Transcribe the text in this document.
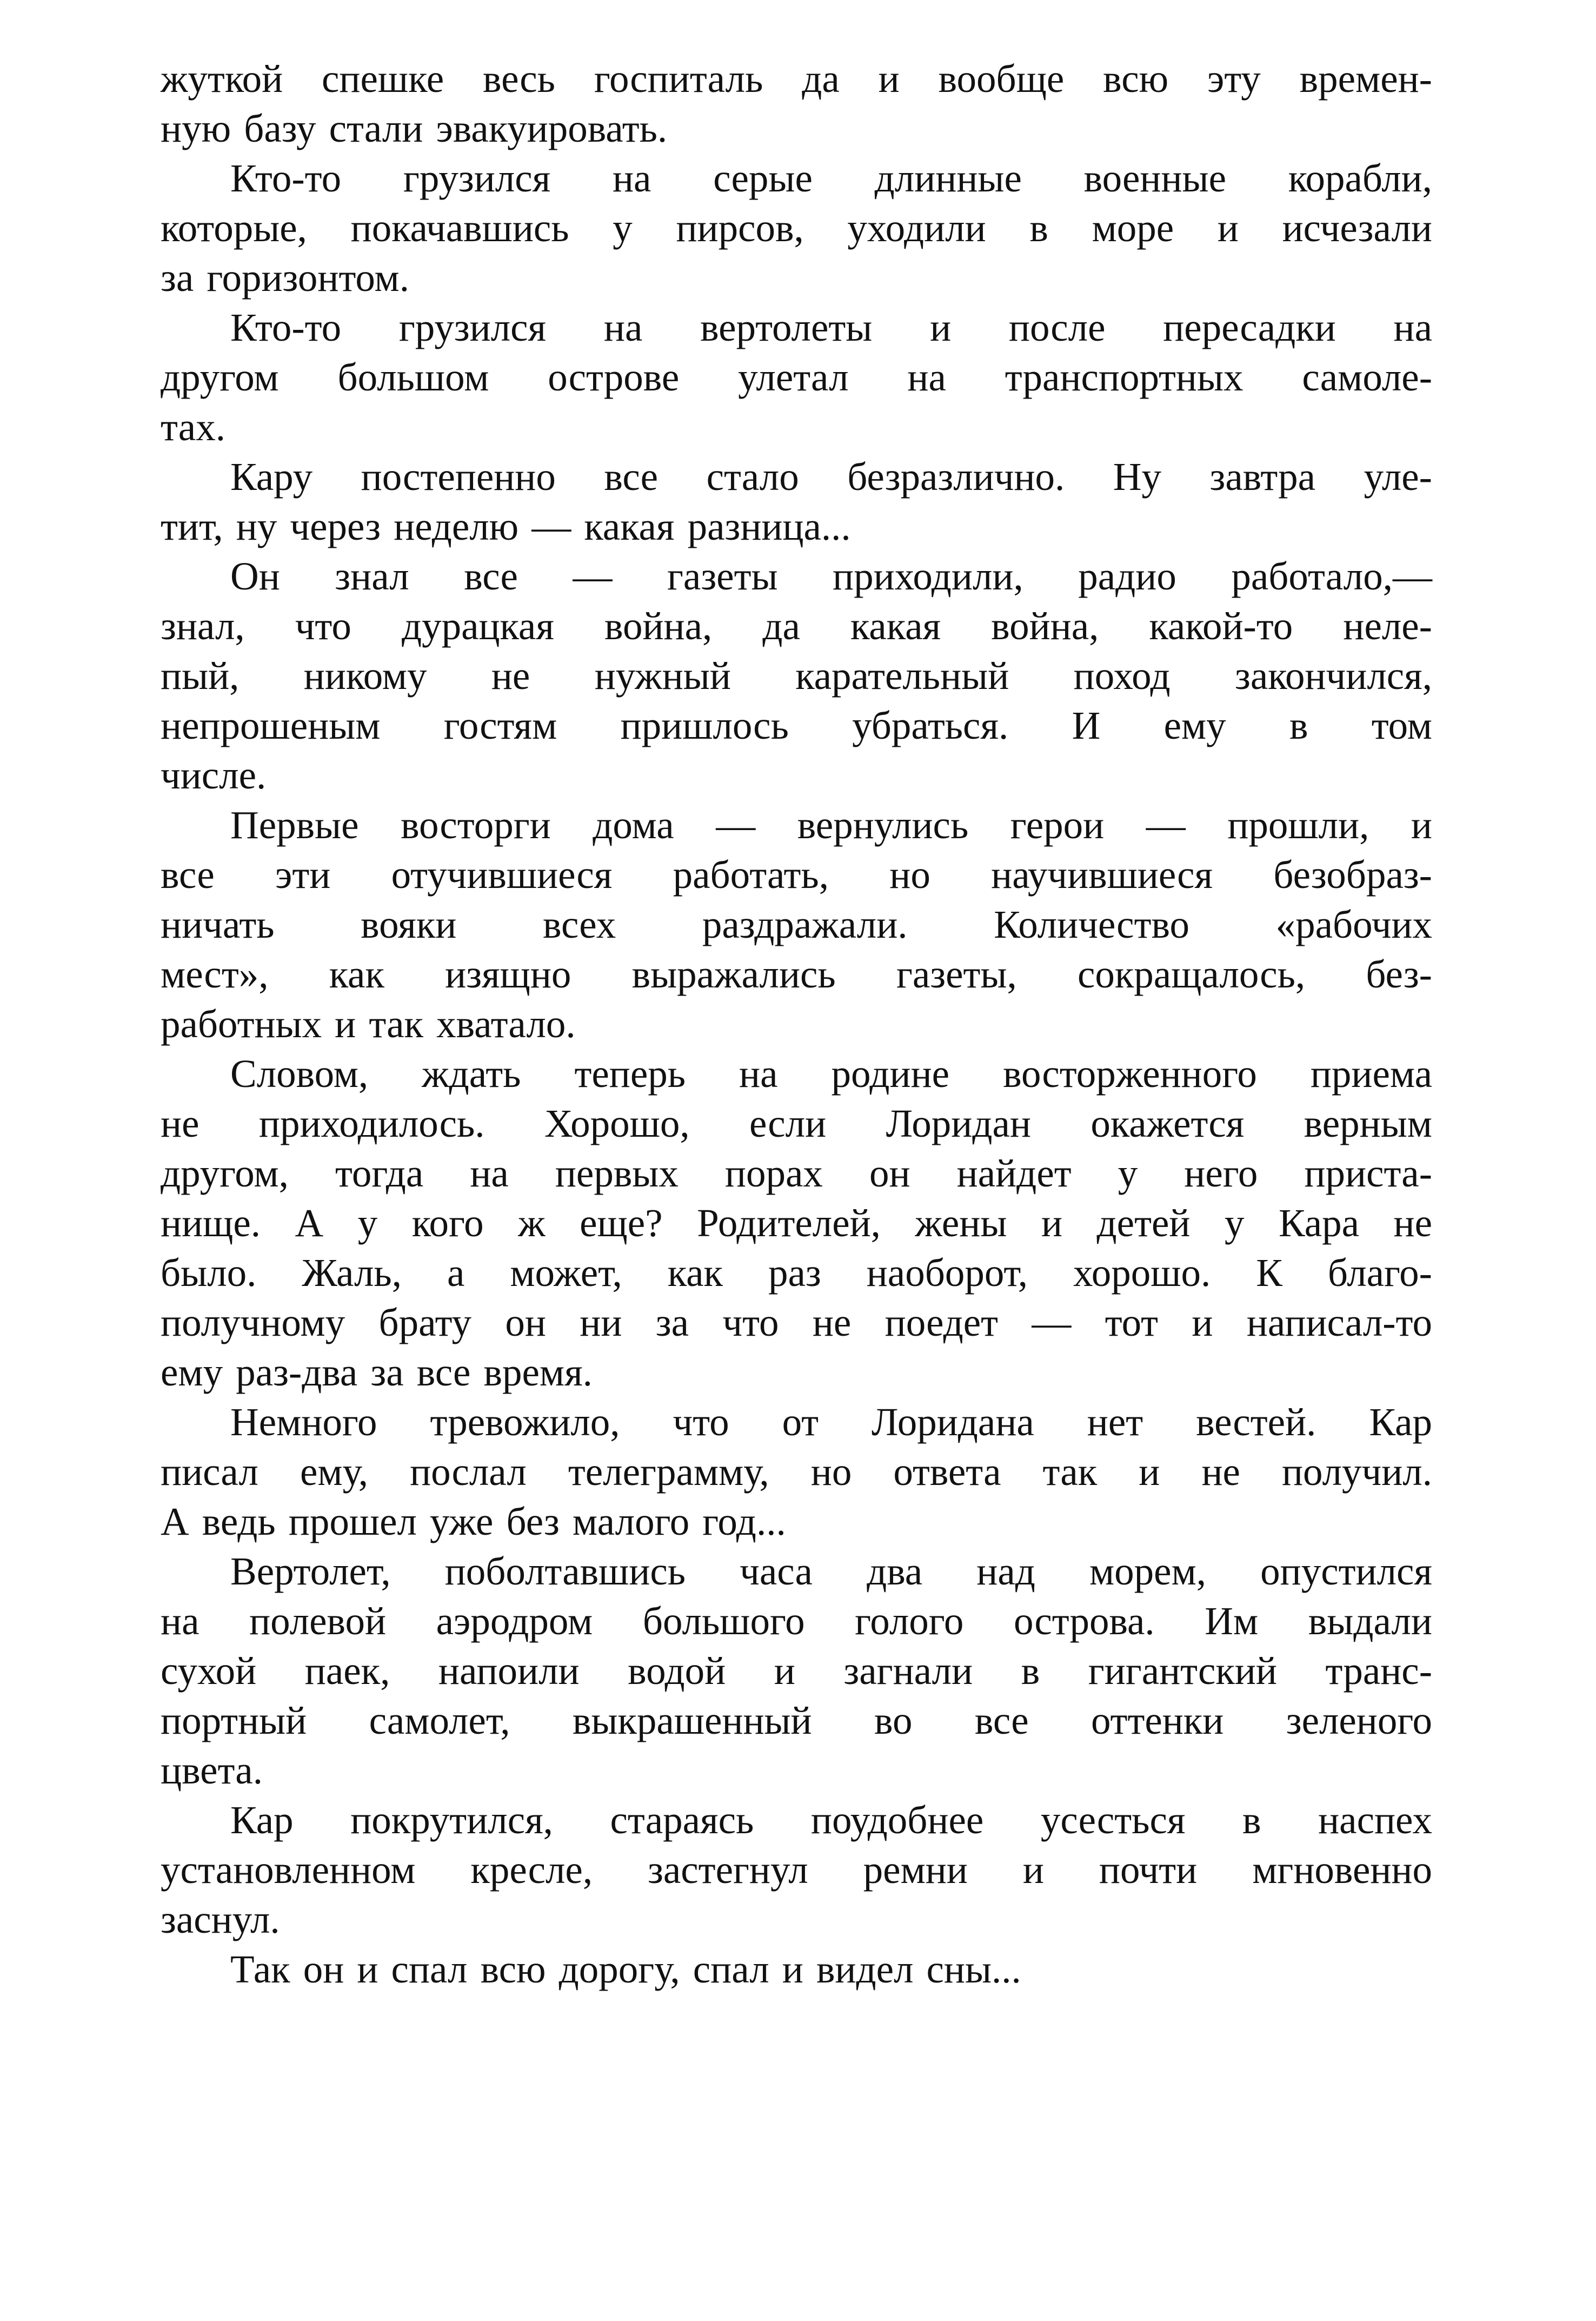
жуткой спешке весь госпиталь да и вообще всю эту времен-
ную базу стали эвакуировать.

Кто-то грузился на серые длинные военные корабли,
которые, покачавшись у пирсов, уходили в море и исчезали
за горизонтом.

Кто-то грузился на вертолеты и после пересадки на
другом большом острове улетал на транспортных самоле-
тах.

Кару постепенно все стало безразлично. Ну завтра уле-
тит, ну через неделю — какая разница...

Он знал все — газеты приходили, радио работало,—
знал, что дурацкая война, да какая война, какой-то неле-
пый, никому не нужный карательный поход закончился,
непрошеным гостям пришлось убраться. И ему в том
числе.

Первые восторги дома — вернулись герои — прошли, и
все эти отучившиеся работать, но научившиеся безобраз-
ничать вояки всех раздражали. Количество «рабочих
мест», как изящно выражались газеты, сокращалось, без-
работных и так хватало.

Словом, ждать теперь на родине восторженного приема
не приходилось. Хорошо, если Лоридан окажется верным
другом, тогда на первых порах он найдет у него приста-
нище. А у кого ж еще? Родителей, жены и детей у Кара не
было. Жаль, а может, как раз наоборот, хорошо. К благо-
получному брату он ни за что не поедет — тот и написал-то
ему раз-два за все время.

Немного тревожило, что от Лоридана нет вестей. Кар
писал ему, послал телеграмму, но ответа так и не получил.
А ведь прошел уже без малого год...

Вертолет, поболтавшись часа два над морем, опустился
на полевой аэродром большого голого острова. Им выдали
сухой паек, напоили водой и загнали в гигантский транс-
портный самолет, выкрашенный во все оттенки зеленого
цвета.

Кар покрутился, стараясь поудобнее усесться в наспех
установленном кресле, застегнул ремни и почти мгновенно
заснул.

Так он и спал всю дорогу, спал и видел сны...
